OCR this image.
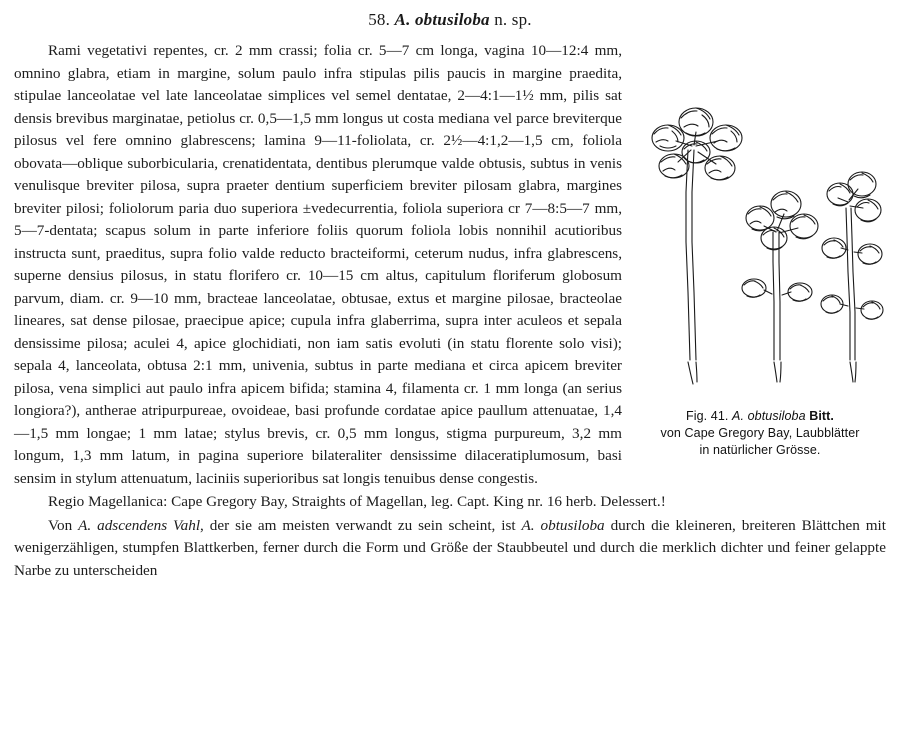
58. A. obtusiloba n. sp.
Fig. 41. A. obtusiloba Bitt.
von Cape Gregory Bay, Laubblätter
in natürlicher Grösse.

Rami vegetativi repentes, cr. 2 mm crassi; folia cr. 5—7 cm longa, vagina 10—12:4 mm, omnino glabra, etiam in margine, solum paulo infra stipulas pilis paucis in margine praedita, stipulae lanceolatae vel late lanceolatae simplices vel semel dentatae, 2—4:1—1½ mm, pilis sat densis brevibus marginatae, petiolus cr. 0,5—1,5 mm longus ut costa mediana vel parce breviterque pilosus vel fere omnino glabrescens; lamina 9—11-foliolata, cr. 2½—4:1,2—1,5 cm, foliola obovata—oblique suborbicularia, crenatidentata, dentibus plerumque valde obtusis, subtus in venis venulisque breviter pilosa, supra praeter dentium superficiem breviter pilosam glabra, margines breviter pilosi; foliolorum paria duo superiora ±vedecurrentia, foliola superiora cr 7—8:5—7 mm, 5—7-dentata; scapus solum in parte inferiore foliis quorum foliola lobis nonnihil acutioribus instructa sunt, praeditus, supra folio valde reducto bracteiformi, ceterum nudus, infra glabrescens, superne densius pilosus, in statu florifero cr. 10—15 cm altus, capitulum floriferum globosum parvum, diam. cr. 9—10 mm, bracteae lanceolatae, obtusae, extus et margine pilosae, bracteolae lineares, sat dense pilosae, praecipue apice; cupula infra glaberrima, supra inter aculeos et sepala densissime pilosa; aculei 4, apice glochidiati, non iam satis evoluti (in statu florente solo visi); sepala 4, lanceolata, obtusa 2:1 mm, univenia, subtus in parte mediana et circa apicem breviter pilosa, vena simplici aut paulo infra apicem bifida; stamina 4, filamenta cr. 1 mm longa (an serius longiora?), antherae atripurpureae, ovoideae, basi profunde cordatae apice paullum attenuatae, 1,4—1,5 mm longae; 1 mm latae; stylus brevis, cr. 0,5 mm longus, stigma purpureum, 3,2 mm longum, 1,3 mm latum, in pagina superiore bilateraliter densissime dilaceratiplumosum, basi sensim in stylum attenuatum, laciniis superioribus sat longis tenuibus dense congestis.

Regio Magellanica: Cape Gregory Bay, Straights of Magellan, leg. Capt. King nr. 16 herb. Delessert.!

Von A. adscendens Vahl, der sie am meisten verwandt zu sein scheint, ist A. obtusiloba durch die kleineren, breiteren Blättchen mit wenigerzähligen, stumpfen Blattkerben, ferner durch die Form und Größe der Staubbeutel und durch die merklich dichter und feiner gelappte Narbe zu unterscheiden
